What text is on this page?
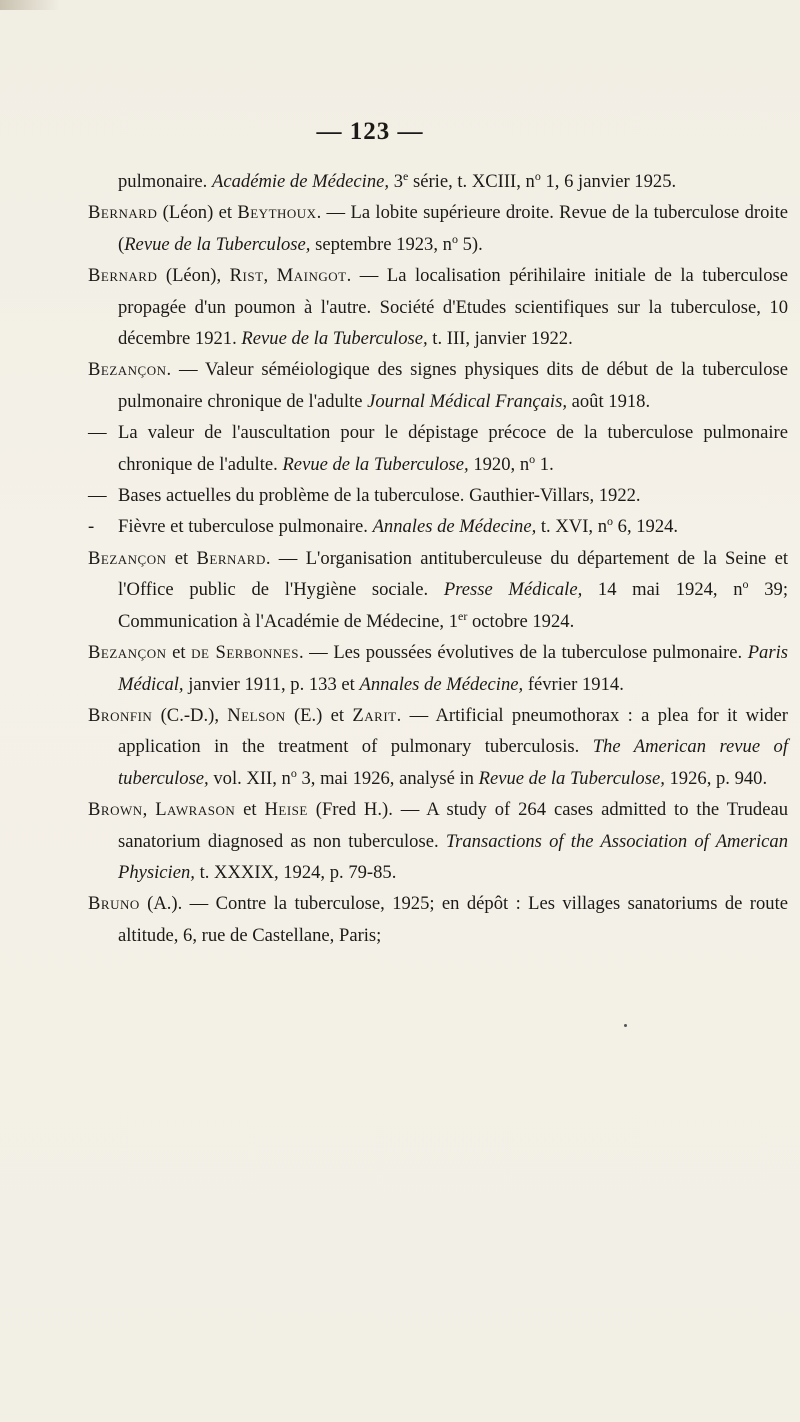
— 123 —

pulmonaire. Académie de Médecine, 3e série, t. XCIII, $n^o$ 1, 6 janvier 1925.

Bernard (Léon) et Beythoux. — La lobite supérieure droite. Revue de la tuberculose droite (Revue de la Tuberculose, septembre 1923, $n^o$ 5).

Bernard (Léon), Rist, Maingot. — La localisation périhilaire initiale de la tuberculose propagée d'un poumon à l'autre. Société d'Etudes scientifiques sur la tuberculose, 10 décembre 1921. Revue de la Tuberculose, t. III, janvier 1922.

Bezançon. — Valeur séméiologique des signes physiques dits de début de la tuberculose pulmonaire chronique de l'adulte Journal Médical Français, août 1918.

— La valeur de l'auscultation pour le dépistage précoce de la tuberculose pulmonaire chronique de l'adulte. Revue de la Tuberculose, 1920, $n^o$ 1.

— Bases actuelles du problème de la tuberculose. Gauthier-Villars, 1922.

- Fièvre et tuberculose pulmonaire. Annales de Médecine, t. XVI, $n^o$ 6, 1924.

Bezançon et Bernard. — L'organisation antituberculeuse du département de la Seine et l'Office public de l'Hygiène sociale. Presse Médicale, 14 mai 1924, $n^o$ 39; Communication à l'Académie de Médecine, 1er octobre 1924.

Bezançon et de Serbonnes. — Les poussées évolutives de la tuberculose pulmonaire. Paris Médical, janvier 1911, p. 133 et Annales de Médecine, février 1914.

Bronfin (C.-D.), Nelson (E.) et Zarit. — Artificial pneumothorax : a plea for it wider application in the treatment of pulmonary tuberculosis. The American revue of tuberculose, vol. XII, $n^o$ 3, mai 1926, analysé in Revue de la Tuberculose, 1926, p. 940.

Brown, Lawrason et Heise (Fred H.). — A study of 264 cases admitted to the Trudeau sanatorium diagnosed as non tuberculose. Transactions of the Association of American Physicien, t. XXXIX, 1924, p. 79-85.

Bruno (A.). — Contre la tuberculose, 1925; en dépôt : Les villages sanatoriums de route altitude, 6, rue de Castellane, Paris;
